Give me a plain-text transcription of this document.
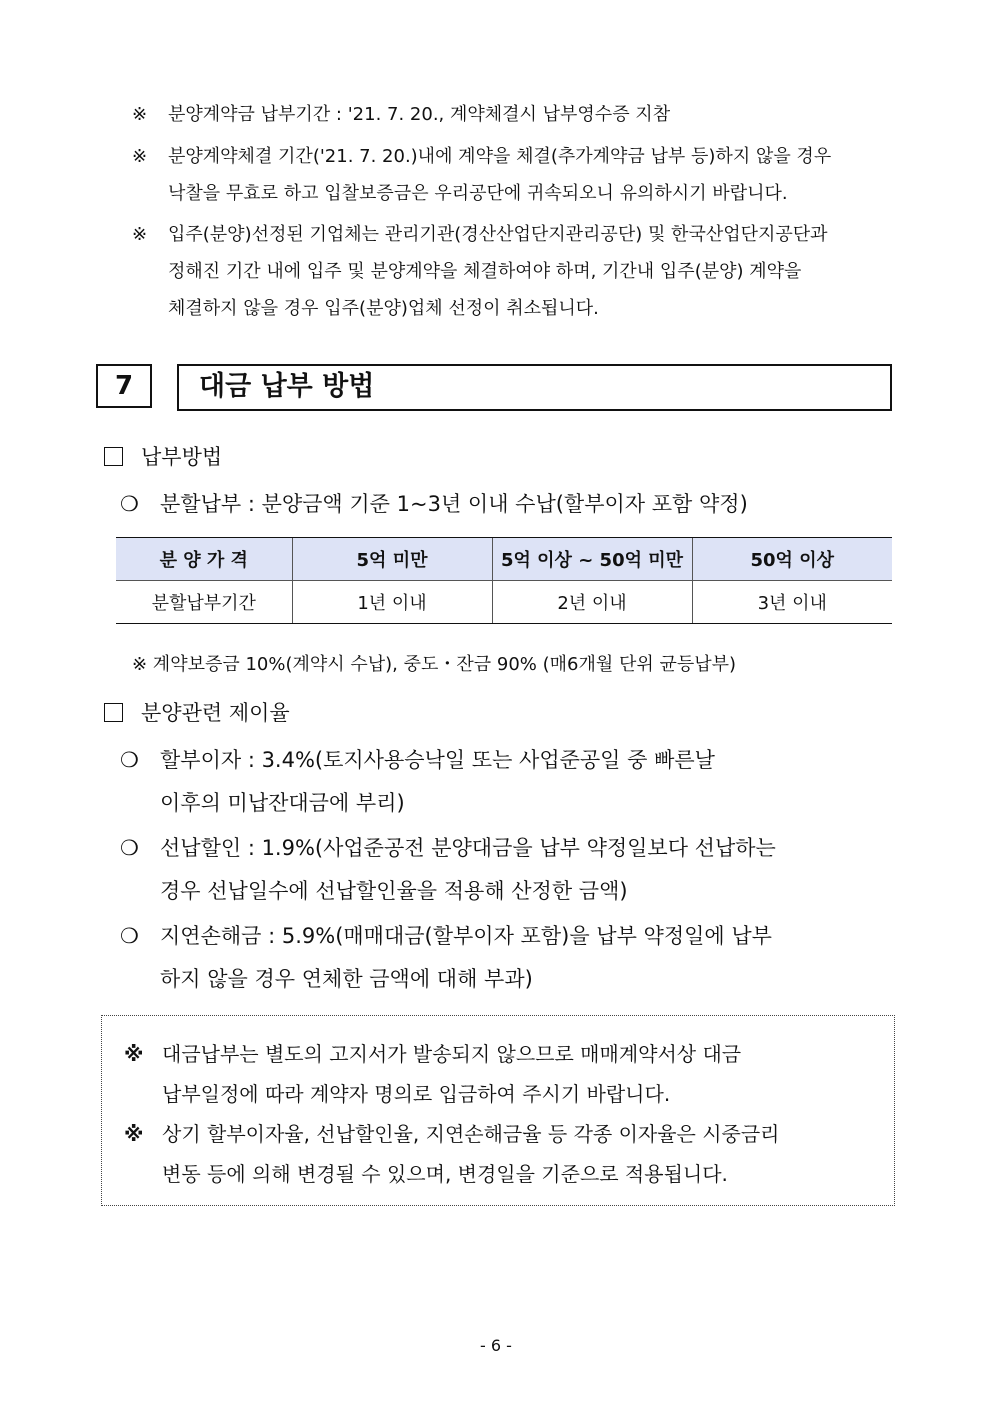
※ 분양계약금 납부기간 : '21. 7. 20., 계약체결시 납부영수증 지참
※ 분양계약체결 기간('21. 7. 20.)내에 계약을 체결(추가계약금 납부 등)하지 않을 경우
낙찰을 무효로 하고 입찰보증금은 우리공단에 귀속되오니 유의하시기 바랍니다.
※ 입주(분양)선정된 기업체는 관리기관(경산산업단지관리공단) 및 한국산업단지공단과
정해진 기간 내에 입주 및 분양계약을 체결하여야 하며, 기간내 입주(분양) 계약을
체결하지 않을 경우 입주(분양)업체 선정이 취소됩니다.
7	대금 납부 방법
납부방법
❍ 분할납부 : 분양금액 기준 1~3년 이내 수납(할부이자 포함 약정)
분 양 가 격	5억 미만	5억 이상 ~ 50억 미만	50억 이상
분할납부기간	1년 이내	2년 이내	3년 이내
※ 계약보증금 10%(계약시 수납), 중도・잔금 90% (매6개월 단위 균등납부)
분양관련 제이율
❍ 할부이자 : 3.4%(토지사용승낙일 또는 사업준공일 중 빠른날
이후의 미납잔대금에 부리)
❍ 선납할인 : 1.9%(사업준공전 분양대금을 납부 약정일보다 선납하는
경우 선납일수에 선납할인율을 적용해 산정한 금액)
❍ 지연손해금 : 5.9%(매매대금(할부이자 포함)을 납부 약정일에 납부
하지 않을 경우 연체한 금액에 대해 부과)
※ 대금납부는 별도의 고지서가 발송되지 않으므로 매매계약서상 대금
납부일정에 따라 계약자 명의로 입금하여 주시기 바랍니다.
※ 상기 할부이자율, 선납할인율, 지연손해금율 등 각종 이자율은 시중금리
변동 등에 의해 변경될 수 있으며, 변경일을 기준으로 적용됩니다.
- 6 -
